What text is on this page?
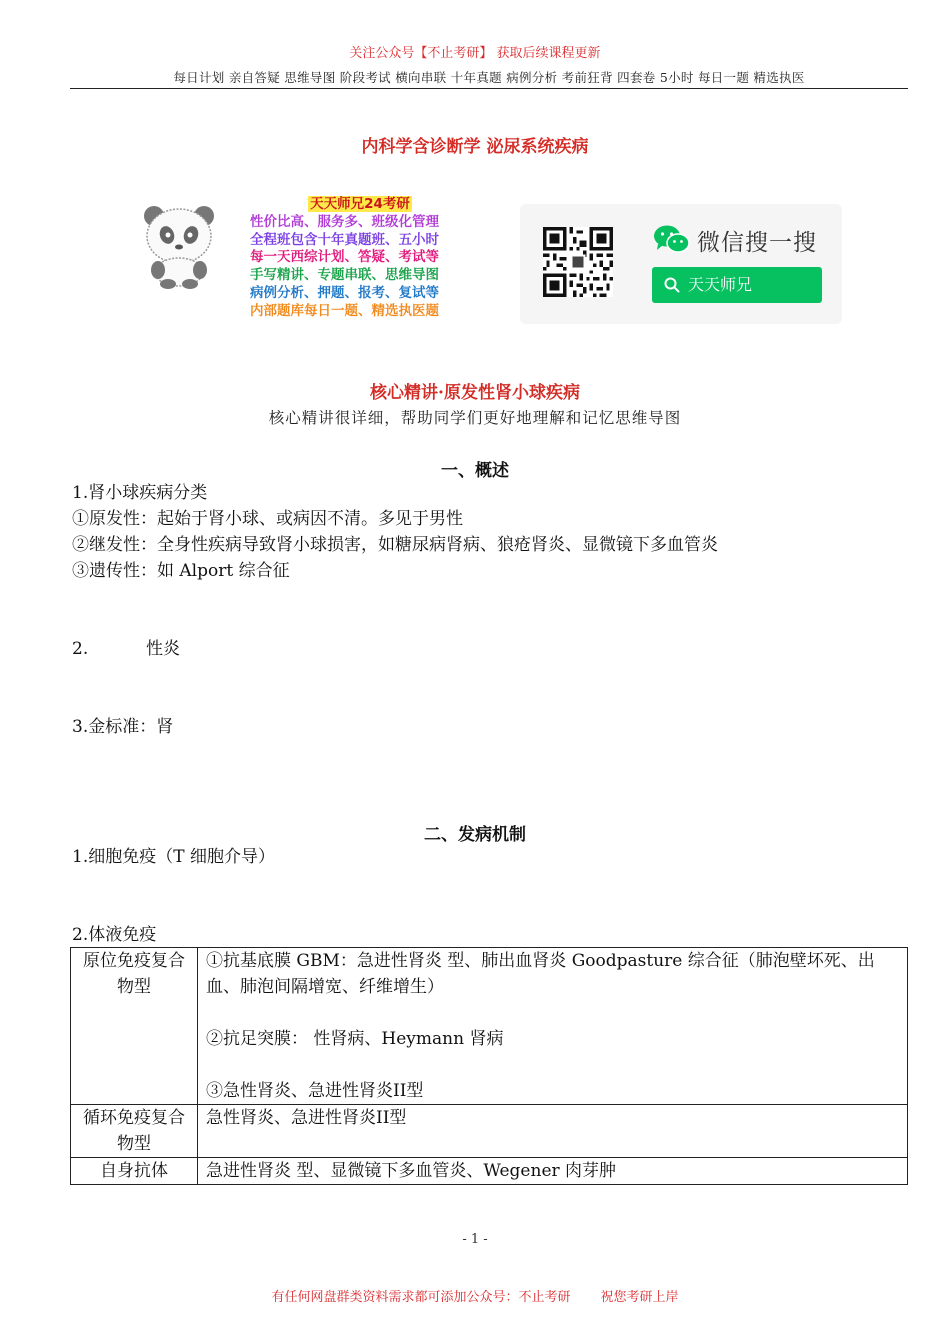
关注公众号【不止考研】 获取后续课程更新
每日计划 亲自答疑 思维导图 阶段考试 横向串联 十年真题 病例分析 考前狂背 四套卷 5小时 每日一题 精选执医
内科学含诊断学 泌尿系统疾病
天天师兄24考研
性价比高、服务多、班级化管理
全程班包含十年真题班、五小时
每一天西综计划、答疑、考试等
手写精讲、专题串联、思维导图
病例分析、押题、报考、复试等
内部题库每日一题、精选执医题
微信搜一搜
天天师兄
核心精讲·原发性肾小球疾病
核心精讲很详细，帮助同学们更好地理解和记忆思维导图
一、概述
1.肾小球疾病分类
①原发性：起始于肾小球、或病因不清。多见于男性
②继发性：全身性疾病导致肾小球损害，如糖尿病肾病、狼疮肾炎、显微镜下多血管炎
③遗传性：如 Alport 综合征
2.	性炎
3.金标准：肾
二、发病机制
1.细胞免疫（T 细胞介导）
2.体液免疫
原位免疫复合物型	①抗基底膜 GBM：急进性肾炎 型、肺出血肾炎 Goodpasture 综合征（肺泡壁坏死、出血、肺泡间隔增宽、纤维增生）
②抗足突膜： 性肾病、Heymann 肾病
③急性肾炎、急进性肾炎II型

循环免疫复合物型	急性肾炎、急进性肾炎II型

自身抗体	急进性肾炎 型、显微镜下多血管炎、Wegener 肉芽肿
- 1 -
有任何网盘群类资料需求都可添加公众号：不止考研 祝您考研上岸
